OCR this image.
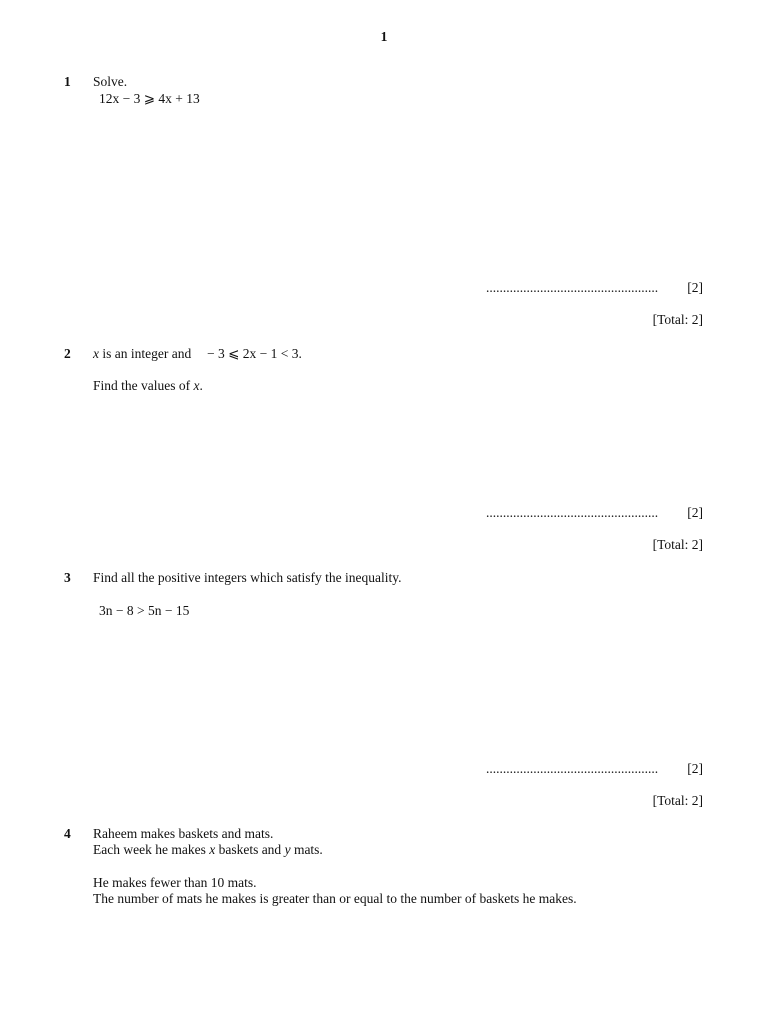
1
1 Solve.
12x − 3 ⩾ 4x + 13
................................................... [2]
[Total: 2]
2 x is an integer and − 3 ⩽ 2x − 1 < 3.
Find the values of x.
................................................... [2]
[Total: 2]
3 Find all the positive integers which satisfy the inequality.
3n − 8 > 5n − 15
................................................... [2]
[Total: 2]
4 Raheem makes baskets and mats.
Each week he makes x baskets and y mats.
He makes fewer than 10 mats.
The number of mats he makes is greater than or equal to the number of baskets he makes.
